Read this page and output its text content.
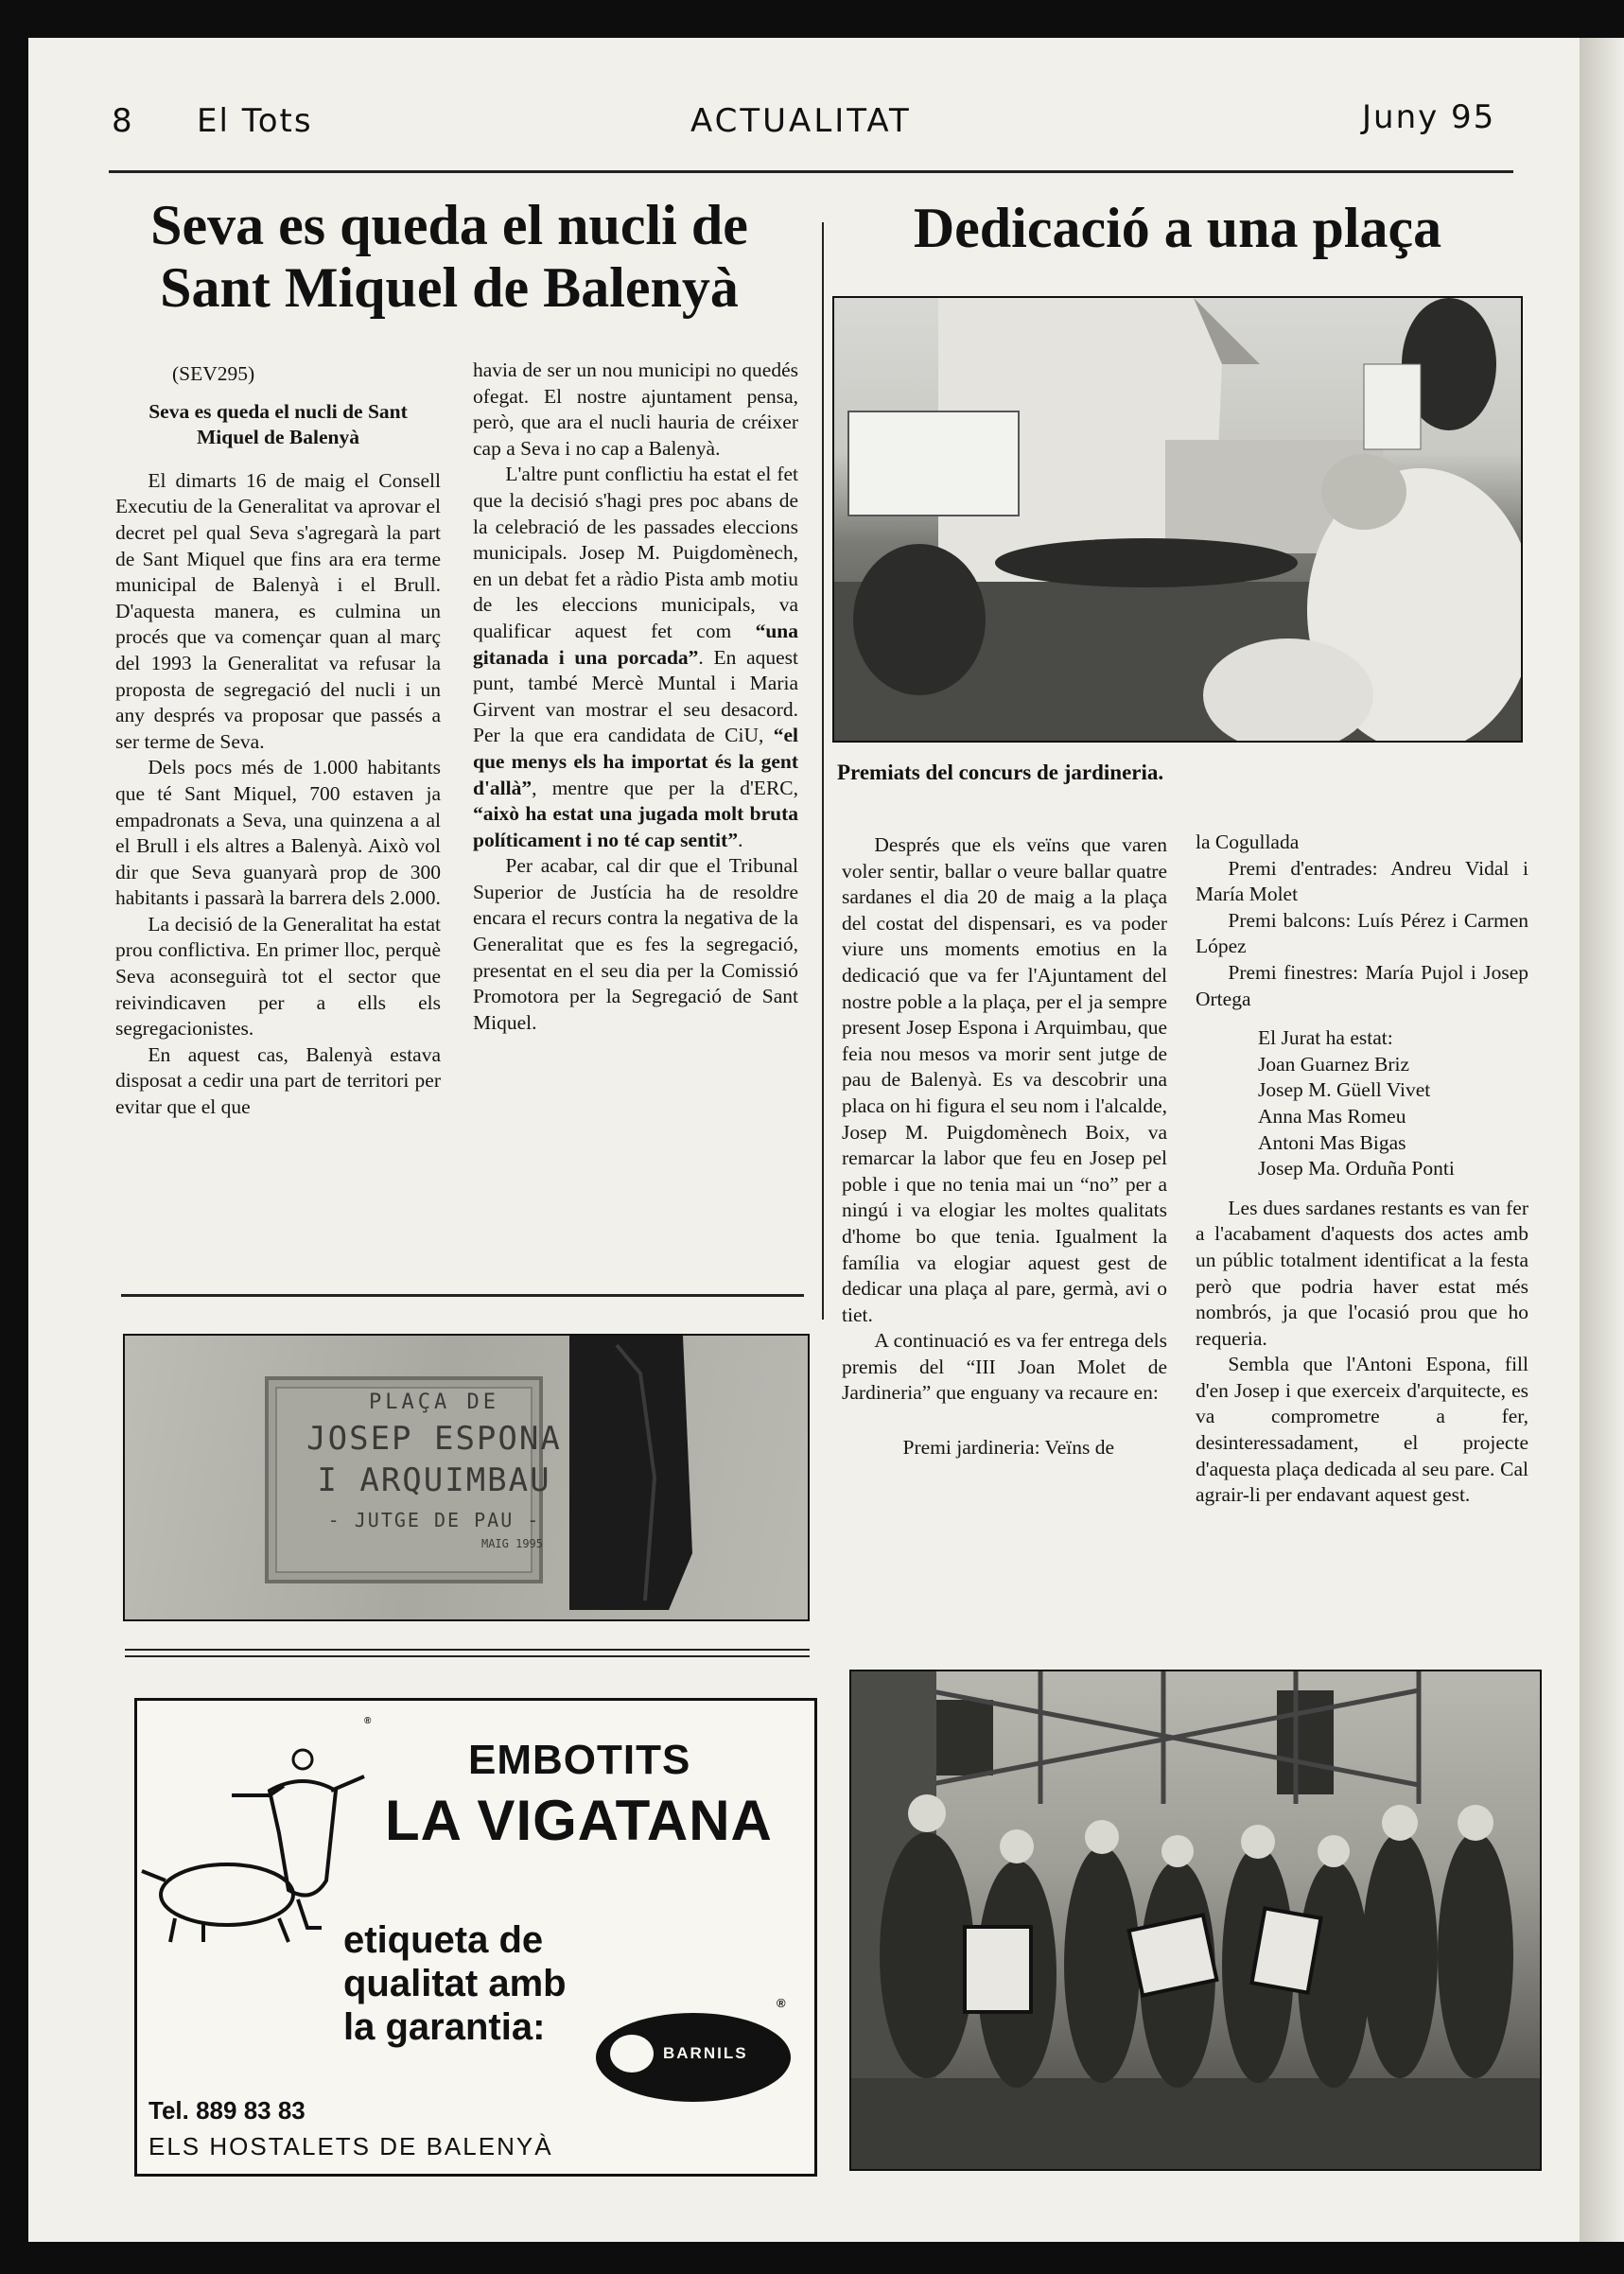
8 El Tots	ACTUALITAT	Juny 95
Seva es queda el nucli de
Sant Miquel de Balenyà

(SEV295)

Seva es queda el nucli de Sant Miquel de Balenyà

El dimarts 16 de maig el Consell Executiu de la Generalitat va aprovar el decret pel qual Seva s'agregarà la part de Sant Miquel que fins ara era terme municipal de Balenyà i el Brull. D'aquesta manera, es culmina un procés que va començar quan al març del 1993 la Generalitat va refusar la proposta de segregació del nucli i un any després va proposar que passés a ser terme de Seva.

Dels pocs més de 1.000 habitants que té Sant Miquel, 700 estaven ja empadronats a Seva, una quinzena a al el Brull i els altres a Balenyà. Això vol dir que Seva guanyarà prop de 300 habitants i passarà la barrera dels 2.000.

La decisió de la Generalitat ha estat prou conflictiva. En primer lloc, perquè Seva aconseguirà tot el sector que reivindicaven per a ells els segregacionistes.

En aquest cas, Balenyà estava disposat a cedir una part de territori per evitar que el que

havia de ser un nou municipi no quedés ofegat. El nostre ajuntament pensa, però, que ara el nucli hauria de créixer cap a Seva i no cap a Balenyà.

L'altre punt conflictiu ha estat el fet que la decisió s'hagi pres poc abans de la celebració de les passades eleccions municipals. Josep M. Puigdomènech, en un debat fet a ràdio Pista amb motiu de les eleccions municipals, va qualificar aquest fet com “una gitanada i una porcada”. En aquest punt, també Mercè Muntal i Maria Girvent van mostrar el seu desacord. Per la que era candidata de CiU, “el que menys els ha importat és la gent d'allà”, mentre que per la d'ERC, “això ha estat una jugada molt bruta políticament i no té cap sentit”.

Per acabar, cal dir que el Tribunal Superior de Justícia ha de resoldre encara el recurs contra la negativa de la Generalitat que es fes la segregació, presentat en el seu dia per la Comissió Promotora per la Segregació de Sant Miquel.

PLAÇA DE
JOSEP ESPONA
I ARQUIMBAU
- JUTGE DE PAU -
MAIG 1995
Dedicació a una plaça
Premiats del concurs de jardineria.

Després que els veïns que varen voler sentir, ballar o veure ballar quatre sardanes el dia 20 de maig a la plaça del costat del dispensari, es va poder viure uns moments emotius en la dedicació que va fer l'Ajuntament del nostre poble a la plaça, per el ja sempre present Josep Espona i Arquimbau, que feia nou mesos va morir sent jutge de pau de Balenyà. Es va descobrir una placa on hi figura el seu nom i l'alcalde, Josep M. Puigdomènech Boix, va remarcar la labor que feu en Josep pel poble i que no tenia mai un “no” per a ningú i va elogiar les moltes qualitats d'home bo que tenia. Igualment la família va elogiar aquest gest de dedicar una plaça al pare, germà, avi o tiet.

A continuació es va fer entrega dels premis del “III Joan Molet de Jardineria” que enguany va recaure en:

Premi jardineria: Veïns de

la Cogullada

Premi d'entrades: Andreu Vidal i María Molet

Premi balcons: Luís Pérez i Carmen López

Premi finestres: María Pujol i Josep Ortega

El Jurat ha estat:
Joan Guarnez Briz
Josep M. Güell Vivet
Anna Mas Romeu
Antoni Mas Bigas
Josep Ma. Orduña Ponti

Les dues sardanes restants es van fer a l'acabament d'aquests dos actes amb un públic totalment identificat a la festa però que podria haver estat més nombrós, ja que l'ocasió prou que ho requeria.

Sembla que l'Antoni Espona, fill d'en Josep i que exerceix d'arquitecte, es va comprometre a fer, desinteressadament, el projecte d'aquesta plaça dedicada al seu pare. Cal agrair-li per endavant aquest gest.

®
EMBOTITS
LA VIGATANA
etiqueta de
qualitat amb
la garantia:
BARNILS
®
Tel. 889 83 83
ELS HOSTALETS DE BALENYÀ
